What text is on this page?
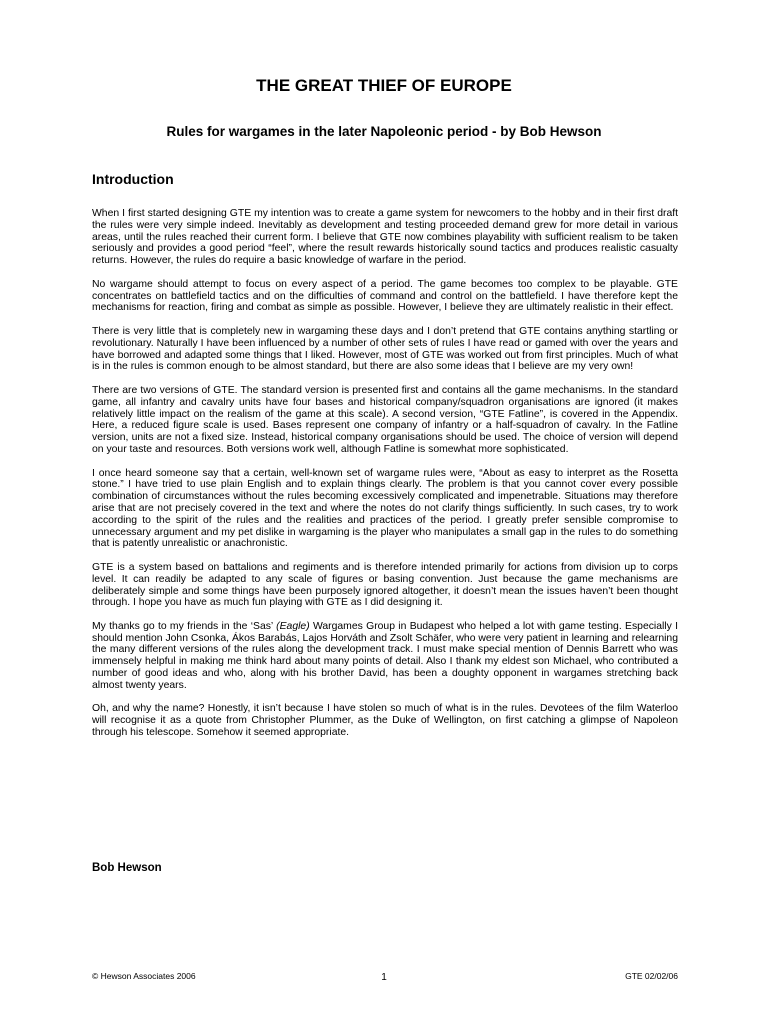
THE GREAT THIEF OF EUROPE
Rules for wargames in the later Napoleonic period - by Bob Hewson
Introduction

When I first started designing GTE my intention was to create a game system for newcomers to the hobby and in their first draft the rules were very simple indeed. Inevitably as development and testing proceeded demand grew for more detail in various areas, until the rules reached their current form. I believe that GTE now combines playability with sufficient realism to be taken seriously and provides a good period “feel”, where the result rewards historically sound tactics and produces realistic casualty returns. However, the rules do require a basic knowledge of warfare in the period.

No wargame should attempt to focus on every aspect of a period. The game becomes too complex to be playable. GTE concentrates on battlefield tactics and on the difficulties of command and control on the battlefield. I have therefore kept the mechanisms for reaction, firing and combat as simple as possible. However, I believe they are ultimately realistic in their effect.

There is very little that is completely new in wargaming these days and I don’t pretend that GTE contains anything startling or revolutionary. Naturally I have been influenced by a number of other sets of rules I have read or gamed with over the years and have borrowed and adapted some things that I liked. However, most of GTE was worked out from first principles. Much of what is in the rules is common enough to be almost standard, but there are also some ideas that I believe are my very own!

There are two versions of GTE. The standard version is presented first and contains all the game mechanisms. In the standard game, all infantry and cavalry units have four bases and historical company/squadron organisations are ignored (it makes relatively little impact on the realism of the game at this scale). A second version, “GTE Fatline”, is covered in the Appendix. Here, a reduced figure scale is used. Bases represent one company of infantry or a half-squadron of cavalry. In the Fatline version, units are not a fixed size. Instead, historical company organisations should be used. The choice of version will depend on your taste and resources. Both versions work well, although Fatline is somewhat more sophisticated.

I once heard someone say that a certain, well-known set of wargame rules were, “About as easy to interpret as the Rosetta stone.” I have tried to use plain English and to explain things clearly. The problem is that you cannot cover every possible combination of circumstances without the rules becoming excessively complicated and impenetrable. Situations may therefore arise that are not precisely covered in the text and where the notes do not clarify things sufficiently. In such cases, try to work according to the spirit of the rules and the realities and practices of the period. I greatly prefer sensible compromise to unnecessary argument and my pet dislike in wargaming is the player who manipulates a small gap in the rules to do something that is patently unrealistic or anachronistic.

GTE is a system based on battalions and regiments and is therefore intended primarily for actions from division up to corps level. It can readily be adapted to any scale of figures or basing convention. Just because the game mechanisms are deliberately simple and some things have been purposely ignored altogether, it doesn’t mean the issues haven’t been thought through. I hope you have as much fun playing with GTE as I did designing it.

My thanks go to my friends in the ‘Sas’ (Eagle) Wargames Group in Budapest who helped a lot with game testing. Especially I should mention John Csonka, Ákos Barabás, Lajos Horváth and Zsolt Schäfer, who were very patient in learning and relearning the many different versions of the rules along the development track. I must make special mention of Dennis Barrett who was immensely helpful in making me think hard about many points of detail. Also I thank my eldest son Michael, who contributed a number of good ideas and who, along with his brother David, has been a doughty opponent in wargames stretching back almost twenty years.

Oh, and why the name? Honestly, it isn’t because I have stolen so much of what is in the rules. Devotees of the film Waterloo will recognise it as a quote from Christopher Plummer, as the Duke of Wellington, on first catching a glimpse of Napoleon through his telescope. Somehow it seemed appropriate.

Bob Hewson
© Hewson Associates 2006	1	GTE 02/02/06
